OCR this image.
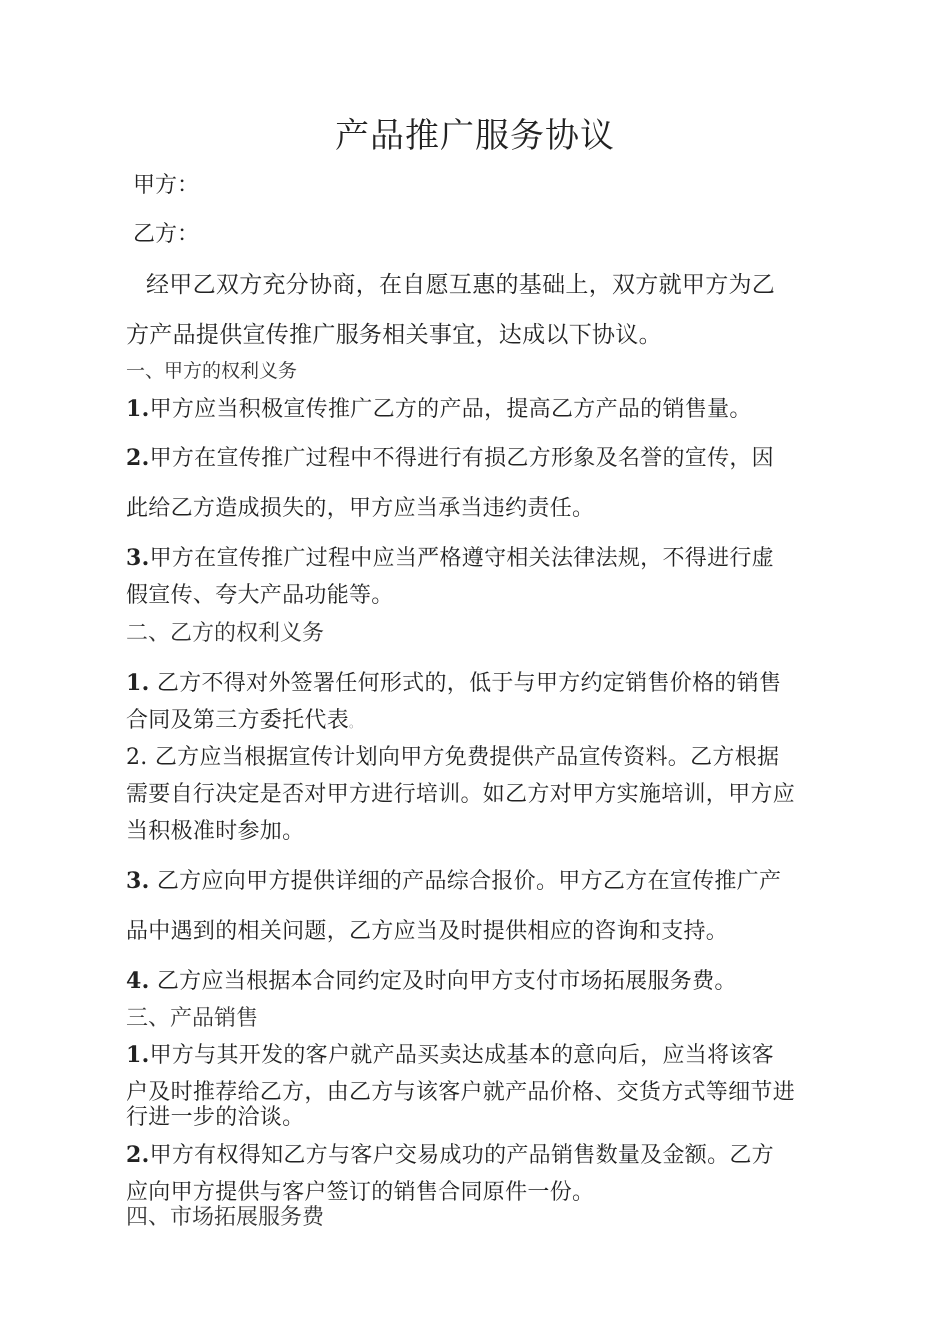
产品推广服务协议
甲方：
乙方：
经甲乙双方充分协商，在自愿互惠的基础上，双方就甲方为乙
方产品提供宣传推广服务相关事宜，达成以下协议。
一、甲方的权利义务
1.甲方应当积极宣传推广乙方的产品，提高乙方产品的销售量。
2.甲方在宣传推广过程中不得进行有损乙方形象及名誉的宣传，因
此给乙方造成损失的，甲方应当承当违约责任。
3.甲方在宣传推广过程中应当严格遵守相关法律法规，不得进行虚
假宣传、夸大产品功能等。
二、乙方的权利义务
1. 乙方不得对外签署任何形式的，低于与甲方约定销售价格的销售
合同及第三方委托代表。
2. 乙方应当根据宣传计划向甲方免费提供产品宣传资料。乙方根据
需要自行决定是否对甲方进行培训。如乙方对甲方实施培训，甲方应
当积极准时参加。
3. 乙方应向甲方提供详细的产品综合报价。甲方乙方在宣传推广产
品中遇到的相关问题，乙方应当及时提供相应的咨询和支持。
4. 乙方应当根据本合同约定及时向甲方支付市场拓展服务费。
三、产品销售
1.甲方与其开发的客户就产品买卖达成基本的意向后，应当将该客
户及时推荐给乙方，由乙方与该客户就产品价格、交货方式等细节进
行进一步的洽谈。
2.甲方有权得知乙方与客户交易成功的产品销售数量及金额。乙方
应向甲方提供与客户签订的销售合同原件一份。
四、市场拓展服务费
